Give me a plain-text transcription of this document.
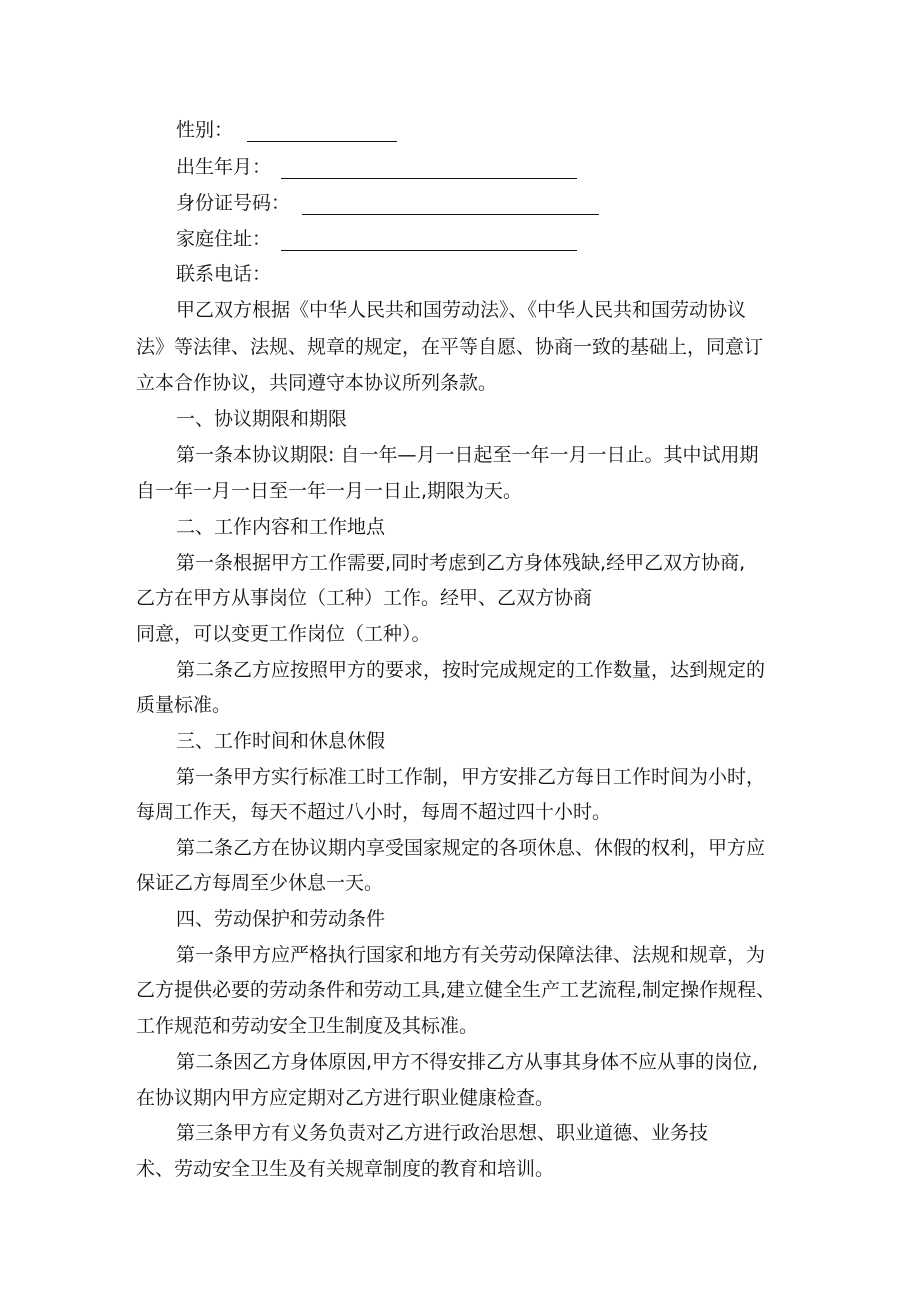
性别：
出生年月：
身份证号码：
家庭住址：
联系电话：
甲乙双方根据《中华人民共和国劳动法》、《中华人民共和国劳动协议
法》等法律、法规、规章的规定，在平等自愿、协商一致的基础上，同意订
立本合作协议，共同遵守本协议所列条款。
一、协议期限和期限
第一条本协议期限: 自一年—月一日起至一年一月一日止。其中试用期
自一年一月一日至一年一月一日止,期限为天。
二、工作内容和工作地点
第一条根据甲方工作需要,同时考虑到乙方身体残缺,经甲乙双方协商,
乙方在甲方从事岗位（工种）工作。经甲、乙双方协商
同意，可以变更工作岗位（工种）。
第二条乙方应按照甲方的要求，按时完成规定的工作数量，达到规定的
质量标准。
三、工作时间和休息休假
第一条甲方实行标准工时工作制，甲方安排乙方每日工作时间为小时，
每周工作天，每天不超过八小时，每周不超过四十小时。
第二条乙方在协议期内享受国家规定的各项休息、休假的权利，甲方应
保证乙方每周至少休息一天。
四、劳动保护和劳动条件
第一条甲方应严格执行国家和地方有关劳动保障法律、法规和规章，为
乙方提供必要的劳动条件和劳动工具,建立健全生产工艺流程,制定操作规程、
工作规范和劳动安全卫生制度及其标准。
第二条因乙方身体原因,甲方不得安排乙方从事其身体不应从事的岗位,
在协议期内甲方应定期对乙方进行职业健康检查。
第三条甲方有义务负责对乙方进行政治思想、职业道德、业务技
术、劳动安全卫生及有关规章制度的教育和培训。
